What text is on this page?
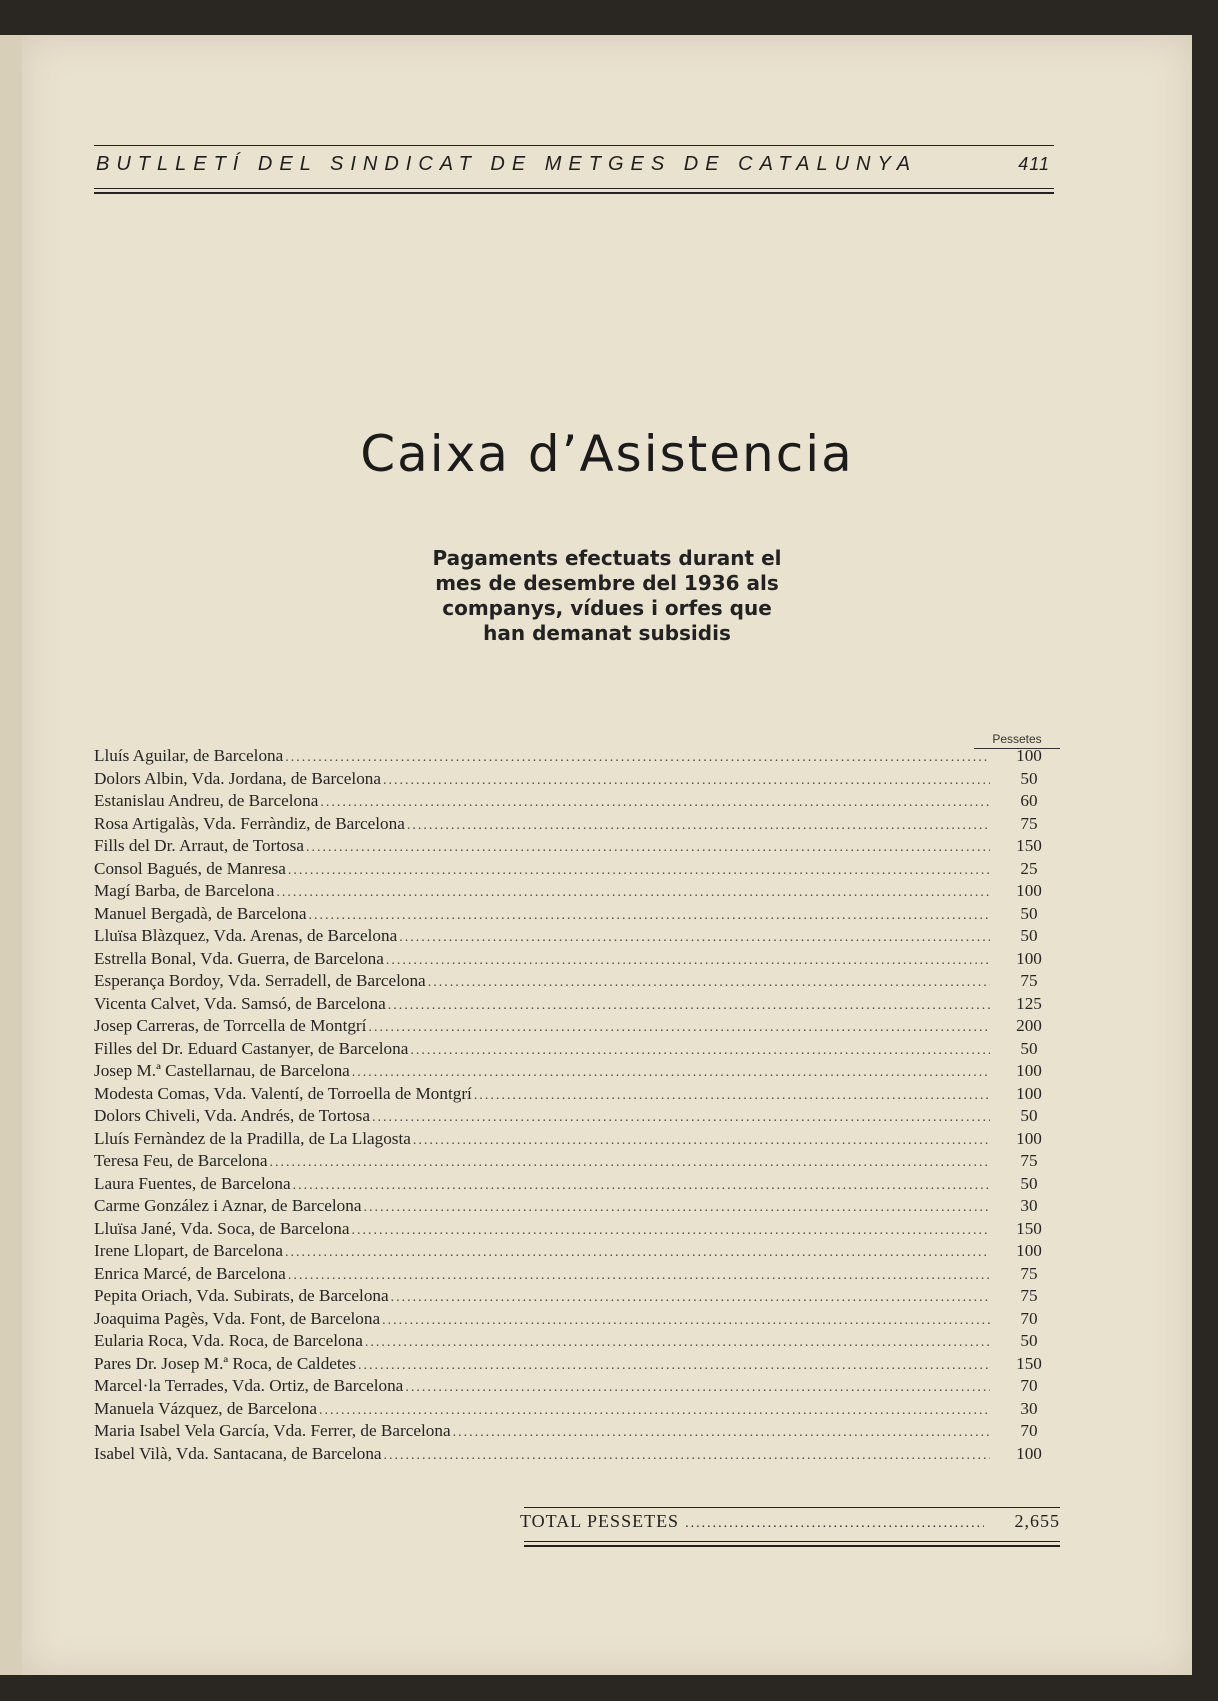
BUTLLETÍ DEL SINDICAT DE METGES DE CATALUNYA	411
Caixa d’Asistencia
Pagaments efectuats durant el
mes de desembre del 1936 als
companys, vídues i orfes que
han demanat subsidis
Pessetes
Lluís Aguilar, de Barcelona .....	100
Dolors Albin, Vda. Jordana, de Barcelona .....	50
Estanislau Andreu, de Barcelona .....	60
Rosa Artigalàs, Vda. Ferràndiz, de Barcelona .....	75
Fills del Dr. Arraut, de Tortosa .....	150
Consol Bagués, de Manresa .....	25
Magí Barba, de Barcelona .....	100
Manuel Bergadà, de Barcelona .....	50
Lluïsa Blàzquez, Vda. Arenas, de Barcelona .....	50
Estrella Bonal, Vda. Guerra, de Barcelona .....	100
Esperança Bordoy, Vda. Serradell, de Barcelona .....	75
Vicenta Calvet, Vda. Samsó, de Barcelona .....	125
Josep Carreras, de Torrcella de Montgrí .....	200
Filles del Dr. Eduard Castanyer, de Barcelona .....	50
Josep M.ª Castellarnau, de Barcelona .....	100
Modesta Comas, Vda. Valentí, de Torroella de Montgrí .....	100
Dolors Chiveli, Vda. Andrés, de Tortosa .....	50
Lluís Fernàndez de la Pradilla, de La Llagosta .....	100
Teresa Feu, de Barcelona .....	75
Laura Fuentes, de Barcelona .....	50
Carme González i Aznar, de Barcelona .....	30
Lluïsa Jané, Vda. Soca, de Barcelona .....	150
Irene Llopart, de Barcelona .....	100
Enrica Marcé, de Barcelona .....	75
Pepita Oriach, Vda. Subirats, de Barcelona .....	75
Joaquima Pagès, Vda. Font, de Barcelona .....	70
Eularia Roca, Vda. Roca, de Barcelona .....	50
Pares Dr. Josep M.ª Roca, de Caldetes .....	150
Marcel·la Terrades, Vda. Ortiz, de Barcelona .....	70
Manuela Vázquez, de Barcelona .....	30
Maria Isabel Vela García, Vda. Ferrer, de Barcelona .....	70
Isabel Vilà, Vda. Santacana, de Barcelona .....	100
TOTAL PESSETES .....	2,655
